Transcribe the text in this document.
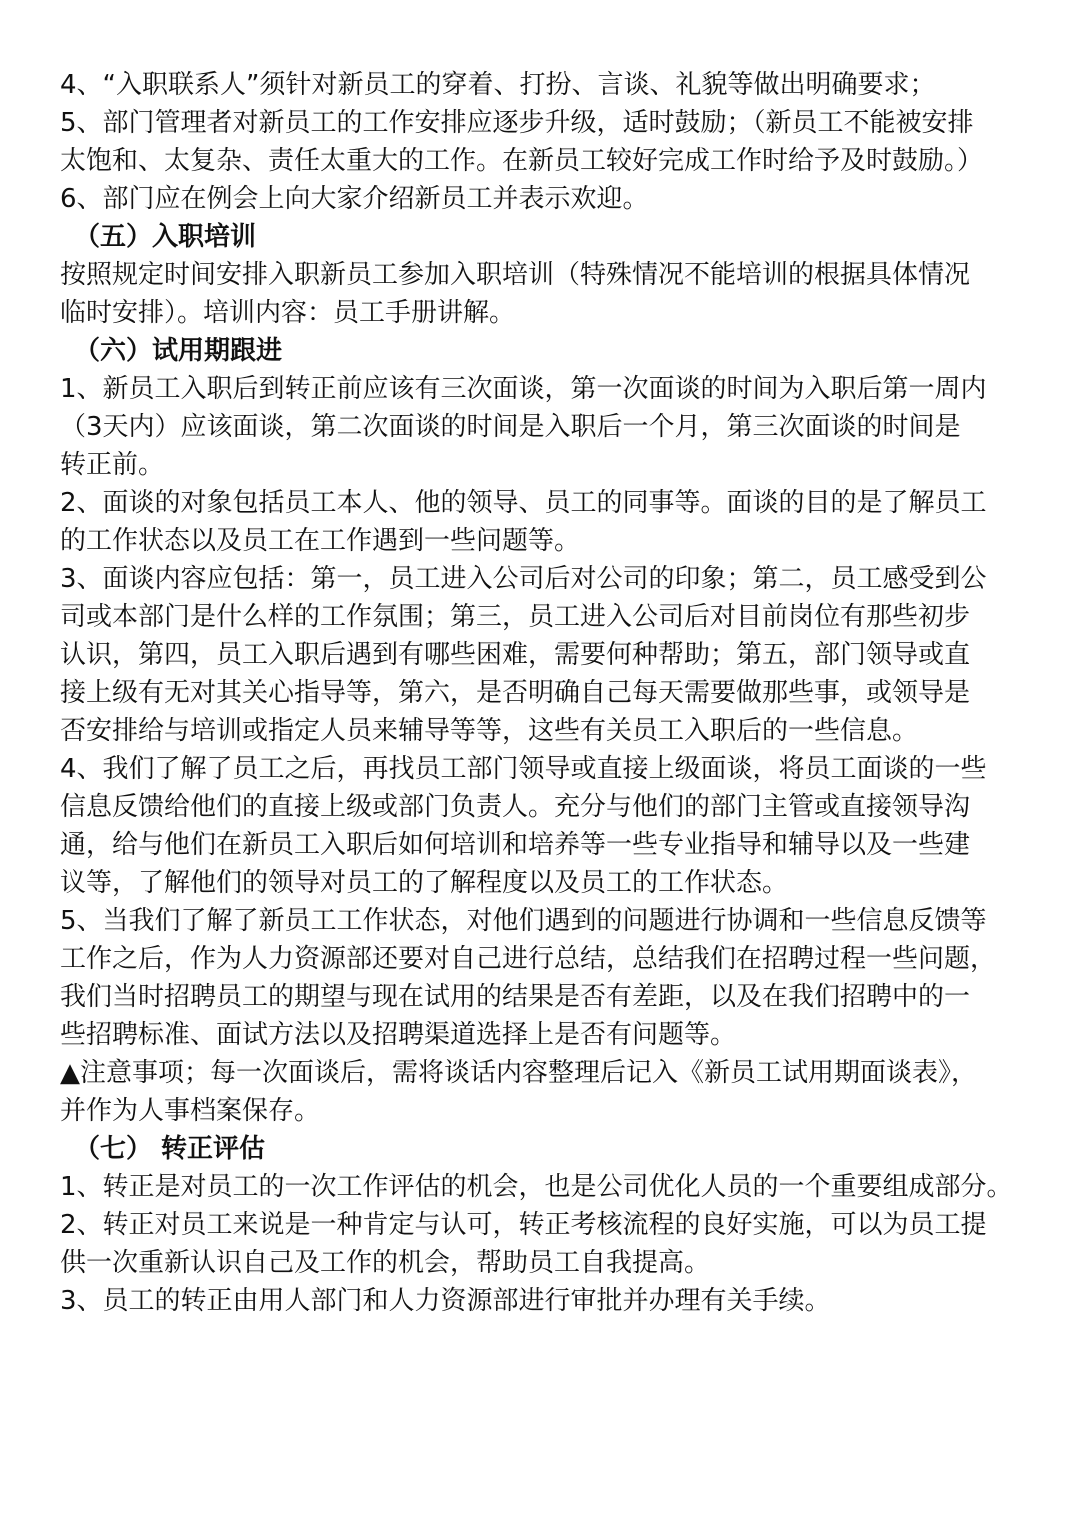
4、“入职联系人”须针对新员工的穿着、打扮、言谈、礼貌等做出明确要求；
5、部门管理者对新员工的工作安排应逐步升级，适时鼓励；（新员工不能被安排
太饱和、太复杂、责任太重大的工作。在新员工较好完成工作时给予及时鼓励。）
6、部门应在例会上向大家介绍新员工并表示欢迎。
（五）入职培训
按照规定时间安排入职新员工参加入职培训（特殊情况不能培训的根据具体情况
临时安排）。培训内容：员工手册讲解。
（六）试用期跟进
1、新员工入职后到转正前应该有三次面谈，第一次面谈的时间为入职后第一周内
（3天内）应该面谈，第二次面谈的时间是入职后一个月，第三次面谈的时间是
转正前。
2、面谈的对象包括员工本人、他的领导、员工的同事等。面谈的目的是了解员工
的工作状态以及员工在工作遇到一些问题等。
3、面谈内容应包括：第一，员工进入公司后对公司的印象；第二，员工感受到公
司或本部门是什么样的工作氛围；第三，员工进入公司后对目前岗位有那些初步
认识，第四，员工入职后遇到有哪些困难，需要何种帮助；第五，部门领导或直
接上级有无对其关心指导等，第六，是否明确自己每天需要做那些事，或领导是
否安排给与培训或指定人员来辅导等等，这些有关员工入职后的一些信息。
4、我们了解了员工之后，再找员工部门领导或直接上级面谈，将员工面谈的一些
信息反馈给他们的直接上级或部门负责人。充分与他们的部门主管或直接领导沟
通，给与他们在新员工入职后如何培训和培养等一些专业指导和辅导以及一些建
议等，了解他们的领导对员工的了解程度以及员工的工作状态。
5、当我们了解了新员工工作状态，对他们遇到的问题进行协调和一些信息反馈等
工作之后，作为人力资源部还要对自己进行总结，总结我们在招聘过程一些问题，
我们当时招聘员工的期望与现在试用的结果是否有差距，以及在我们招聘中的一
些招聘标准、面试方法以及招聘渠道选择上是否有问题等。
▲注意事项；每一次面谈后，需将谈话内容整理后记入《新员工试用期面谈表》，
并作为人事档案保存。
（七） 转正评估
1、转正是对员工的一次工作评估的机会，也是公司优化人员的一个重要组成部分。
2、转正对员工来说是一种肯定与认可，转正考核流程的良好实施，可以为员工提
供一次重新认识自己及工作的机会，帮助员工自我提高。
3、员工的转正由用人部门和人力资源部进行审批并办理有关手续。
